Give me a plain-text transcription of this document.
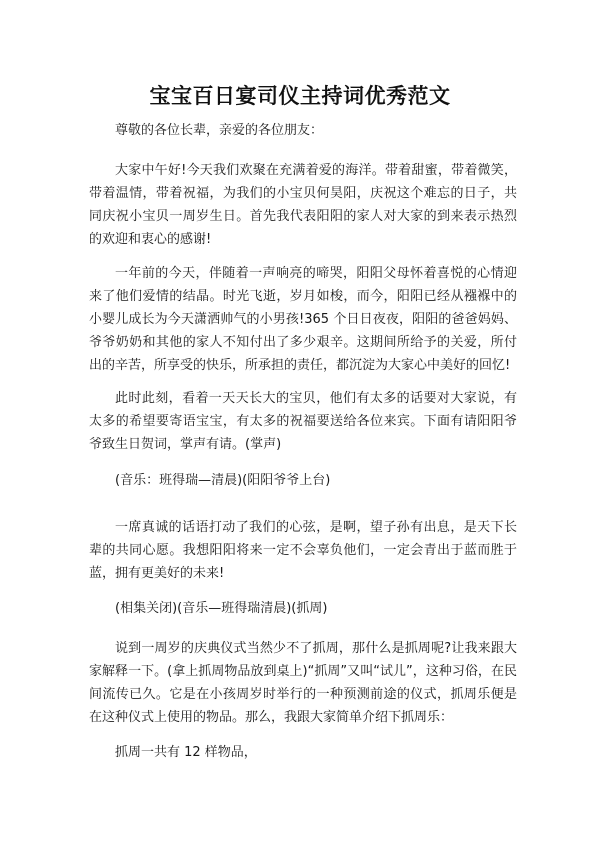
宝宝百日宴司仪主持词优秀范文

尊敬的各位长辈，亲爱的各位朋友：

大家中午好!今天我们欢聚在充满着爱的海洋。带着甜蜜，带着微笑，带着温情，带着祝福，为我们的小宝贝何昊阳，庆祝这个难忘的日子，共同庆祝小宝贝一周岁生日。首先我代表阳阳的家人对大家的到来表示热烈的欢迎和衷心的感谢!

一年前的今天，伴随着一声响亮的啼哭，阳阳父母怀着喜悦的心情迎来了他们爱情的结晶。时光飞逝，岁月如梭，而今，阳阳已经从襁褓中的小婴儿成长为今天潇洒帅气的小男孩!365 个日日夜夜，阳阳的爸爸妈妈、爷爷奶奶和其他的家人不知付出了多少艰辛。这期间所给予的关爱，所付出的辛苦，所享受的快乐，所承担的责任，都沉淀为大家心中美好的回忆!

此时此刻，看着一天天长大的宝贝，他们有太多的话要对大家说，有太多的希望要寄语宝宝，有太多的祝福要送给各位来宾。下面有请阳阳爷爷致生日贺词，掌声有请。(掌声)

(音乐：班得瑞—清晨)(阳阳爷爷上台)

一席真诚的话语打动了我们的心弦，是啊，望子孙有出息，是天下长辈的共同心愿。我想阳阳将来一定不会辜负他们，一定会青出于蓝而胜于蓝，拥有更美好的未来!

(相集关闭)(音乐—班得瑞清晨)(抓周)

说到一周岁的庆典仪式当然少不了抓周，那什么是抓周呢?让我来跟大家解释一下。(拿上抓周物品放到桌上)“抓周”又叫“试儿”，这种习俗，在民间流传已久。它是在小孩周岁时举行的一种预测前途的仪式，抓周乐便是在这种仪式上使用的物品。那么，我跟大家简单介绍下抓周乐：

抓周一共有 12 样物品，
